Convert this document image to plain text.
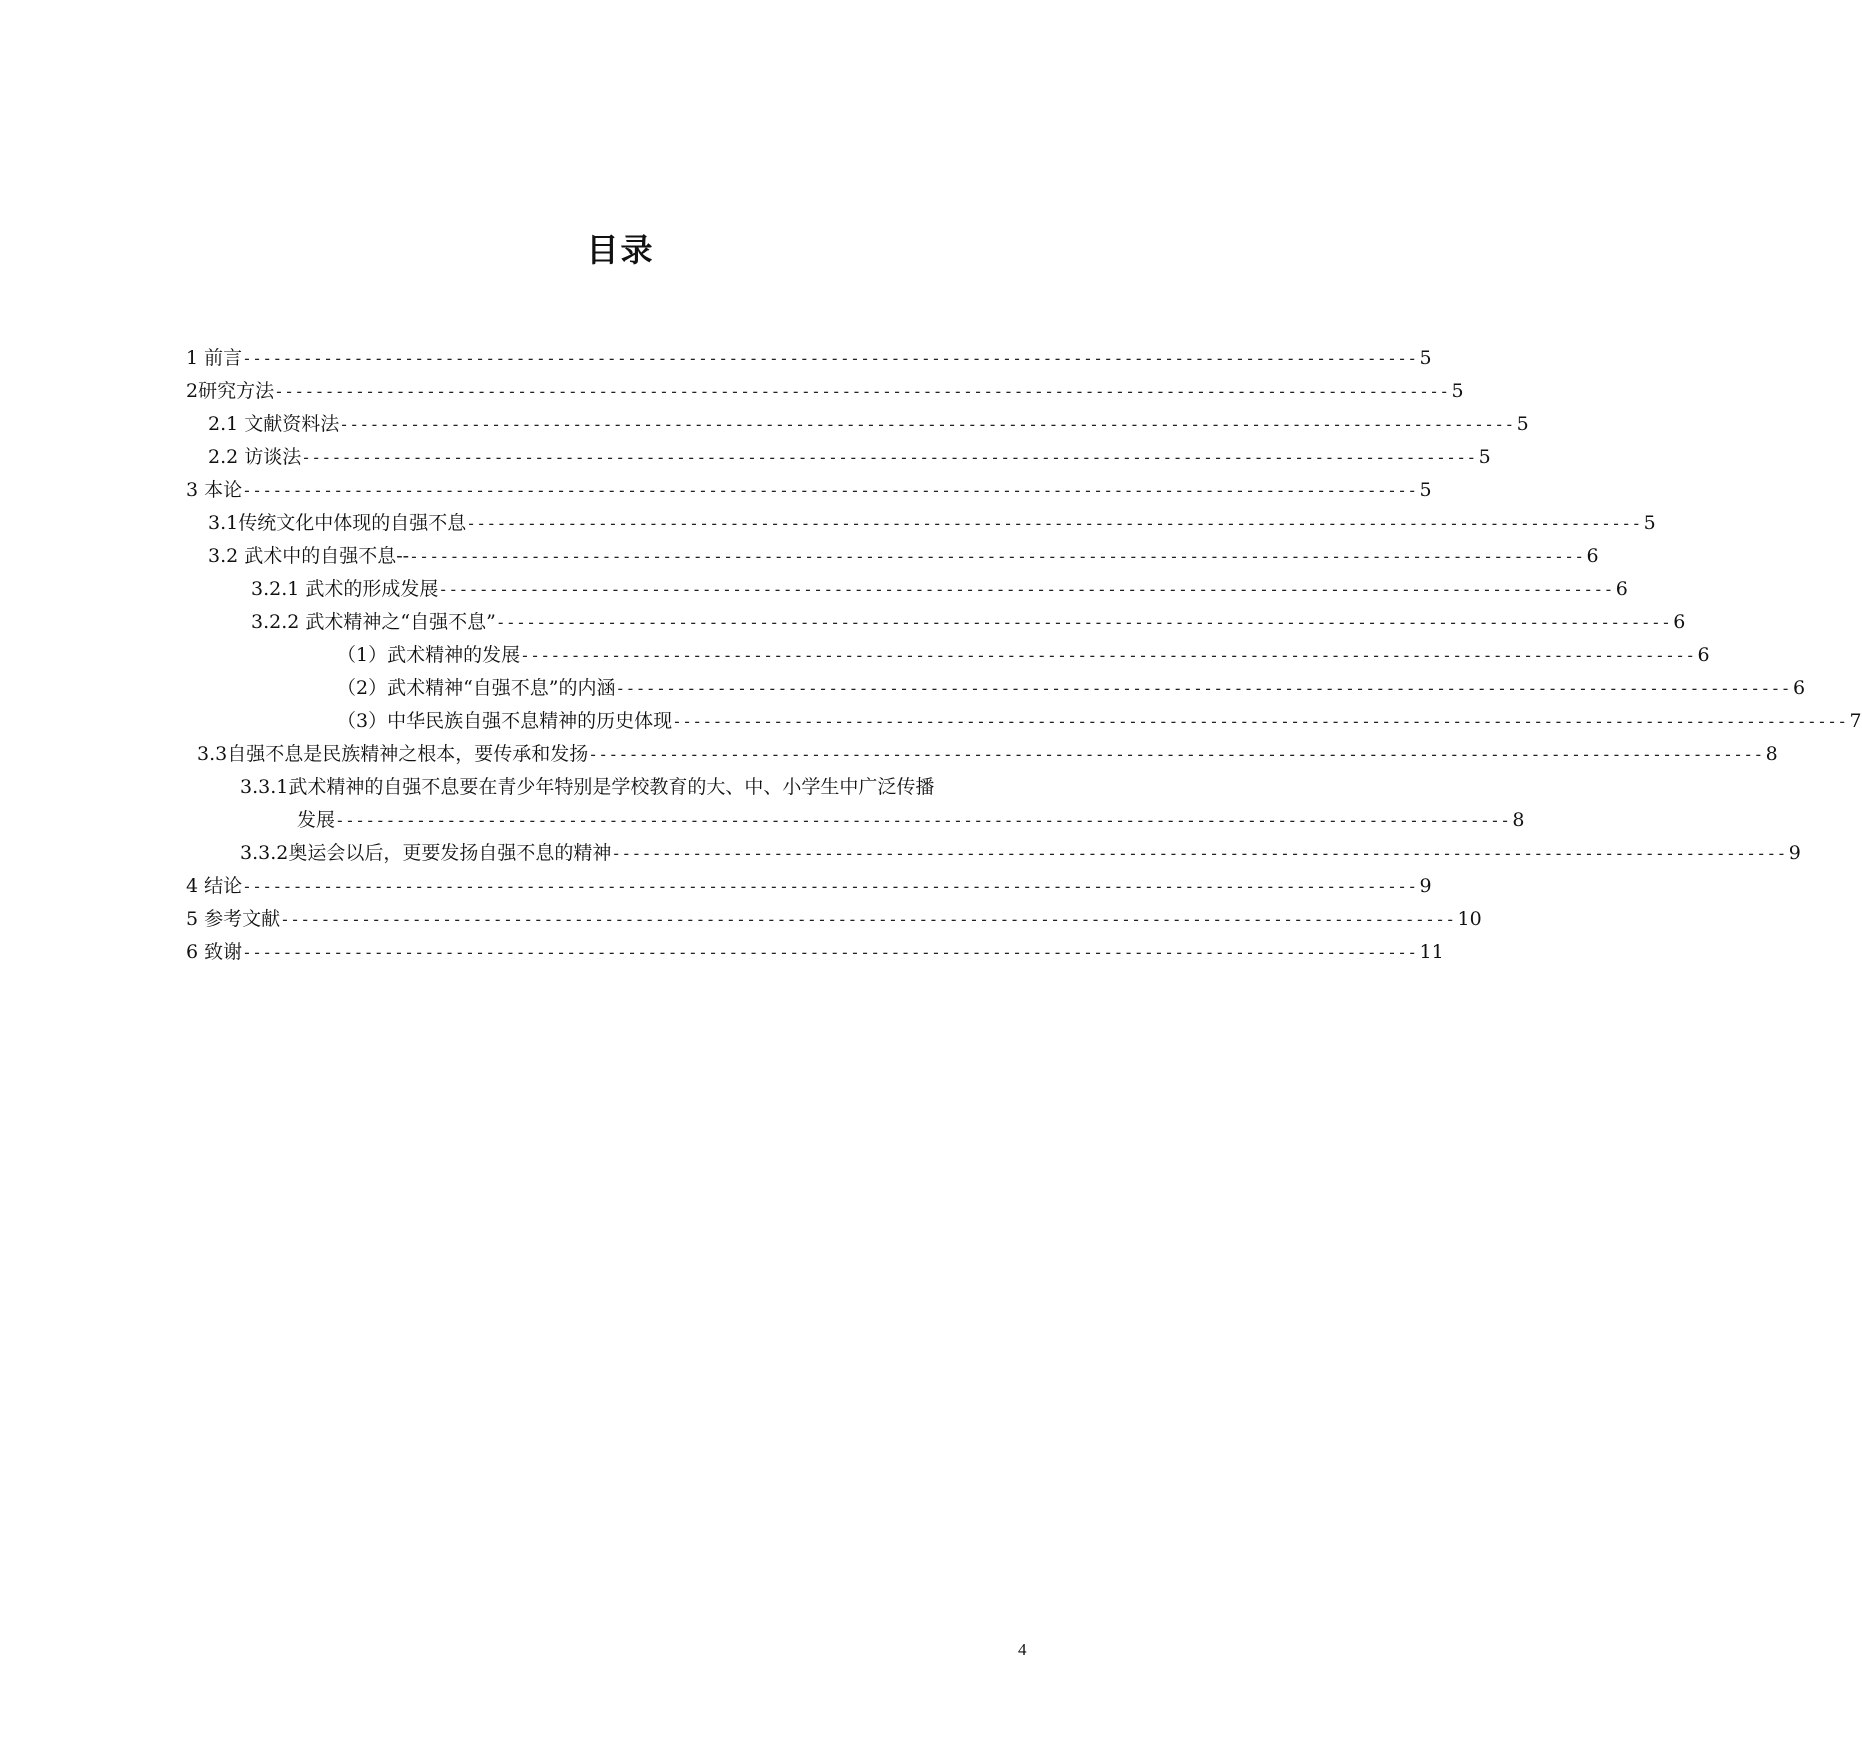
目录
1 前言 -------------------------------------------------------------------------------------------------------------------- 5
2研究方法 -------------------------------------------------------------------------------------------------------------------- 5
2.1 文献资料法 -------------------------------------------------------------------------------------------------------------------- 5
2.2 访谈法 -------------------------------------------------------------------------------------------------------------------- 5
3 本论 -------------------------------------------------------------------------------------------------------------------- 5
3.1传统文化中体现的自强不息 -------------------------------------------------------------------------------------------------------------------- 5
3.2 武术中的自强不息-- -------------------------------------------------------------------------------------------------------------------- 6
3.2.1 武术的形成发展 -------------------------------------------------------------------------------------------------------------------- 6
3.2.2 武术精神之“自强不息” -------------------------------------------------------------------------------------------------------------------- 6
（1）武术精神的发展 -------------------------------------------------------------------------------------------------------------------- 6
（2）武术精神“自强不息”的内涵 -------------------------------------------------------------------------------------------------------------------- 6
（3）中华民族自强不息精神的历史体现 -------------------------------------------------------------------------------------------------------------------- 7
3.3自强不息是民族精神之根本，要传承和发扬 -------------------------------------------------------------------------------------------------------------------- 8
3.3.1武术精神的自强不息要在青少年特别是学校教育的大、中、小学生中广泛传播
发展 -------------------------------------------------------------------------------------------------------------------- 8
3.3.2奥运会以后，更要发扬自强不息的精神 -------------------------------------------------------------------------------------------------------------------- 9
4 结论 -------------------------------------------------------------------------------------------------------------------- 9
5 参考文献 -------------------------------------------------------------------------------------------------------------------- 10
6 致谢 -------------------------------------------------------------------------------------------------------------------- 11
4
